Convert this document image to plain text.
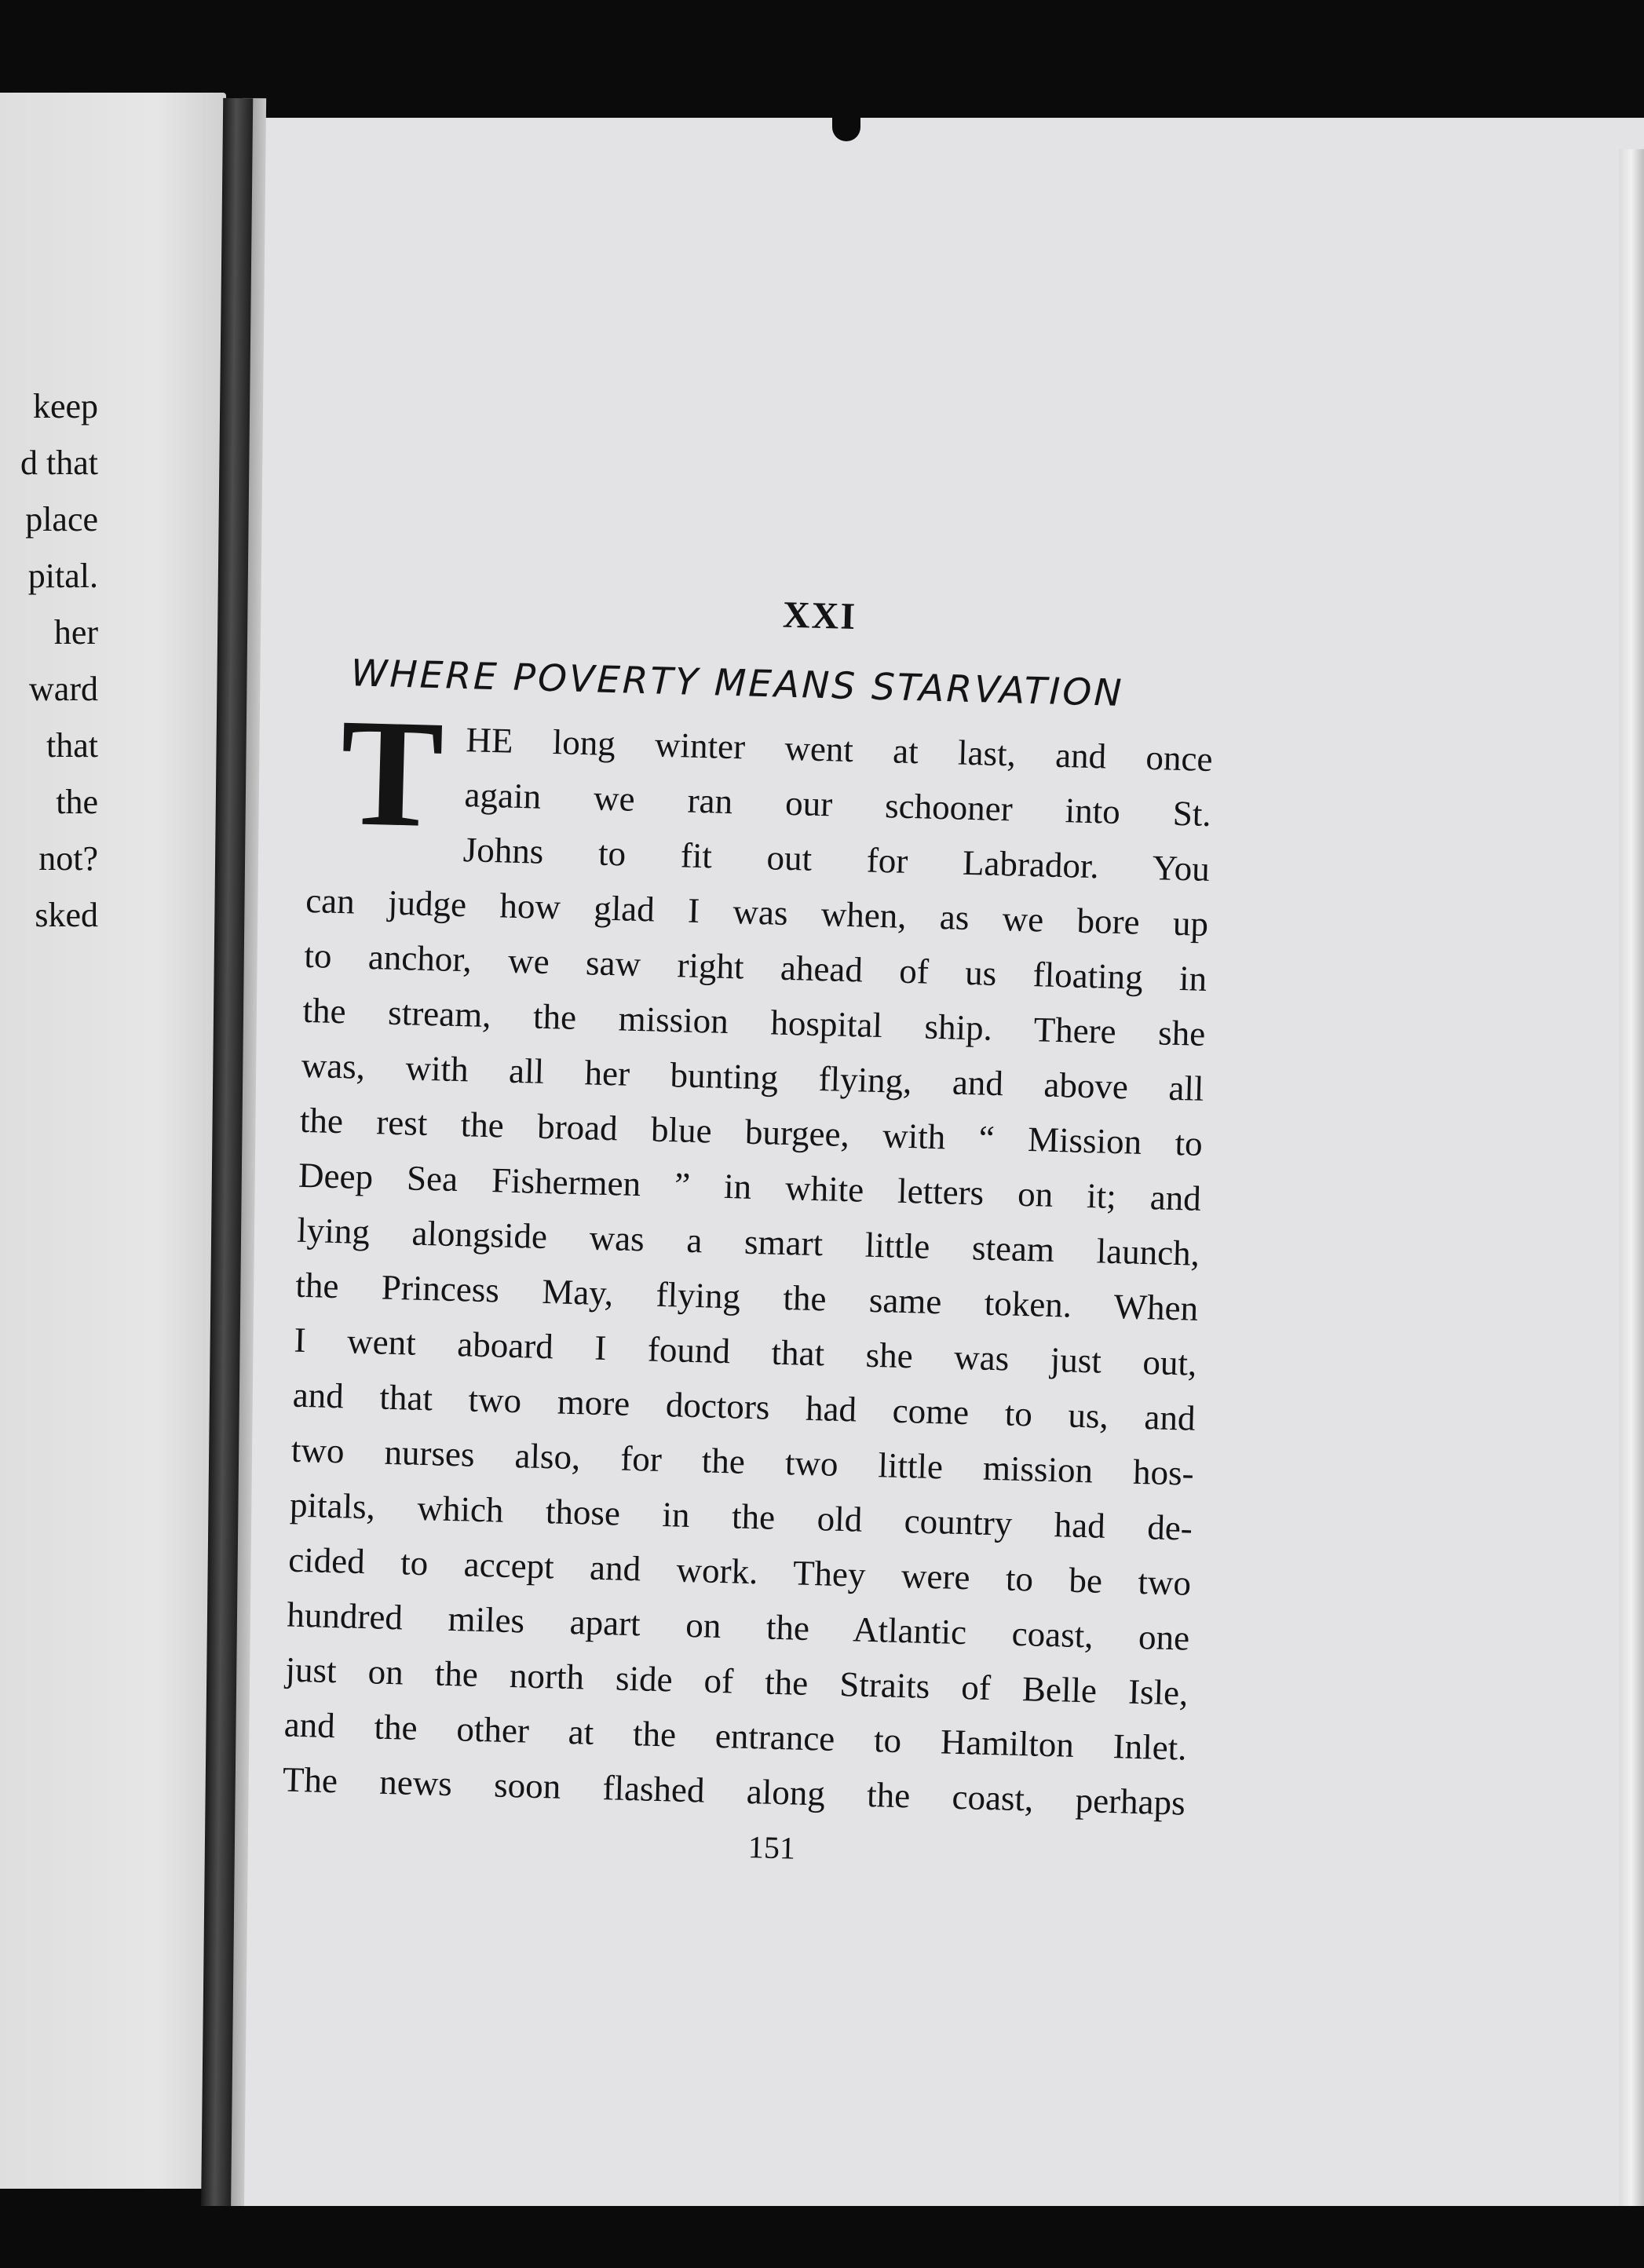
keep
d that
place
pital.
her
ward
that
the
not?
sked
XXI
WHERE POVERTY MEANS STARVATION
T HE long winter went at last, and once
again we ran our schooner into St.
Johns to fit out for Labrador. You
can judge how glad I was when, as we bore up
to anchor, we saw right ahead of us floating in
the stream, the mission hospital ship. There she
was, with all her bunting flying, and above all
the rest the broad blue burgee, with “ Mission to
Deep Sea Fishermen ” in white letters on it; and
lying alongside was a smart little steam launch,
the Princess May, flying the same token. When
I went aboard I found that she was just out,
and that two more doctors had come to us, and
two nurses also, for the two little mission hos-
pitals, which those in the old country had de-
cided to accept and work. They were to be two
hundred miles apart on the Atlantic coast, one
just on the north side of the Straits of Belle Isle,
and the other at the entrance to Hamilton Inlet.
The news soon flashed along the coast, perhaps
151
